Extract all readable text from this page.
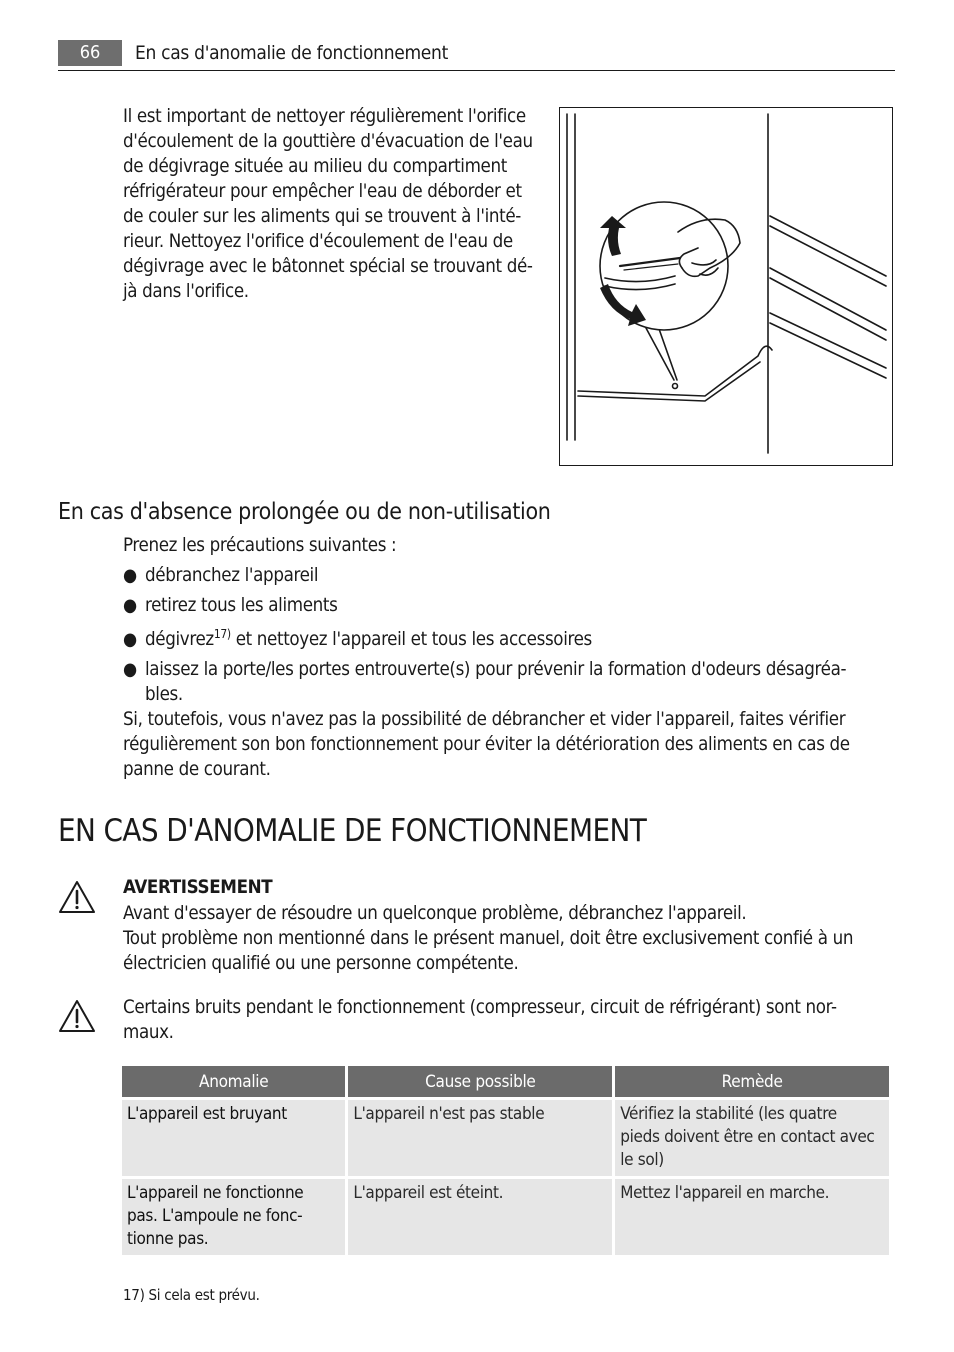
66	En cas d'anomalie de fonctionnement
Il est important de nettoyer régulièrement l'orifice
d'écoulement de la gouttière d'évacuation de l'eau
de dégivrage située au milieu du compartiment
réfrigérateur pour empêcher l'eau de déborder et
de couler sur les aliments qui se trouvent à l'inté-
rieur. Nettoyez l'orifice d'écoulement de l'eau de
dégivrage avec le bâtonnet spécial se trouvant dé-
jà dans l'orifice.
En cas d'absence prolongée ou de non-utilisation
Prenez les précautions suivantes :
● débranchez l'appareil
● retirez tous les aliments
● dégivrez$^{17)}$ et nettoyez l'appareil et tous les accessoires
● laissez la porte/les portes entrouverte(s) pour prévenir la formation d'odeurs désagréa-
bles.
Si, toutefois, vous n'avez pas la possibilité de débrancher et vider l'appareil, faites vérifier
régulièrement son bon fonctionnement pour éviter la détérioration des aliments en cas de
panne de courant.
EN CAS D'ANOMALIE DE FONCTIONNEMENT
AVERTISSEMENT
Avant d'essayer de résoudre un quelconque problème, débranchez l'appareil.
Tout problème non mentionné dans le présent manuel, doit être exclusivement confié à un
électricien qualifié ou une personne compétente.
Certains bruits pendant le fonctionnement (compresseur, circuit de réfrigérant) sont nor-
maux.
Anomalie	Cause possible	Remède
L'appareil est bruyant	L'appareil n'est pas stable	Vérifiez la stabilité (les quatre
pieds doivent être en contact avec
le sol)
L'appareil ne fonctionne
pas. L'ampoule ne fonc-
tionne pas.	L'appareil est éteint.	Mettez l'appareil en marche.
17) Si cela est prévu.
